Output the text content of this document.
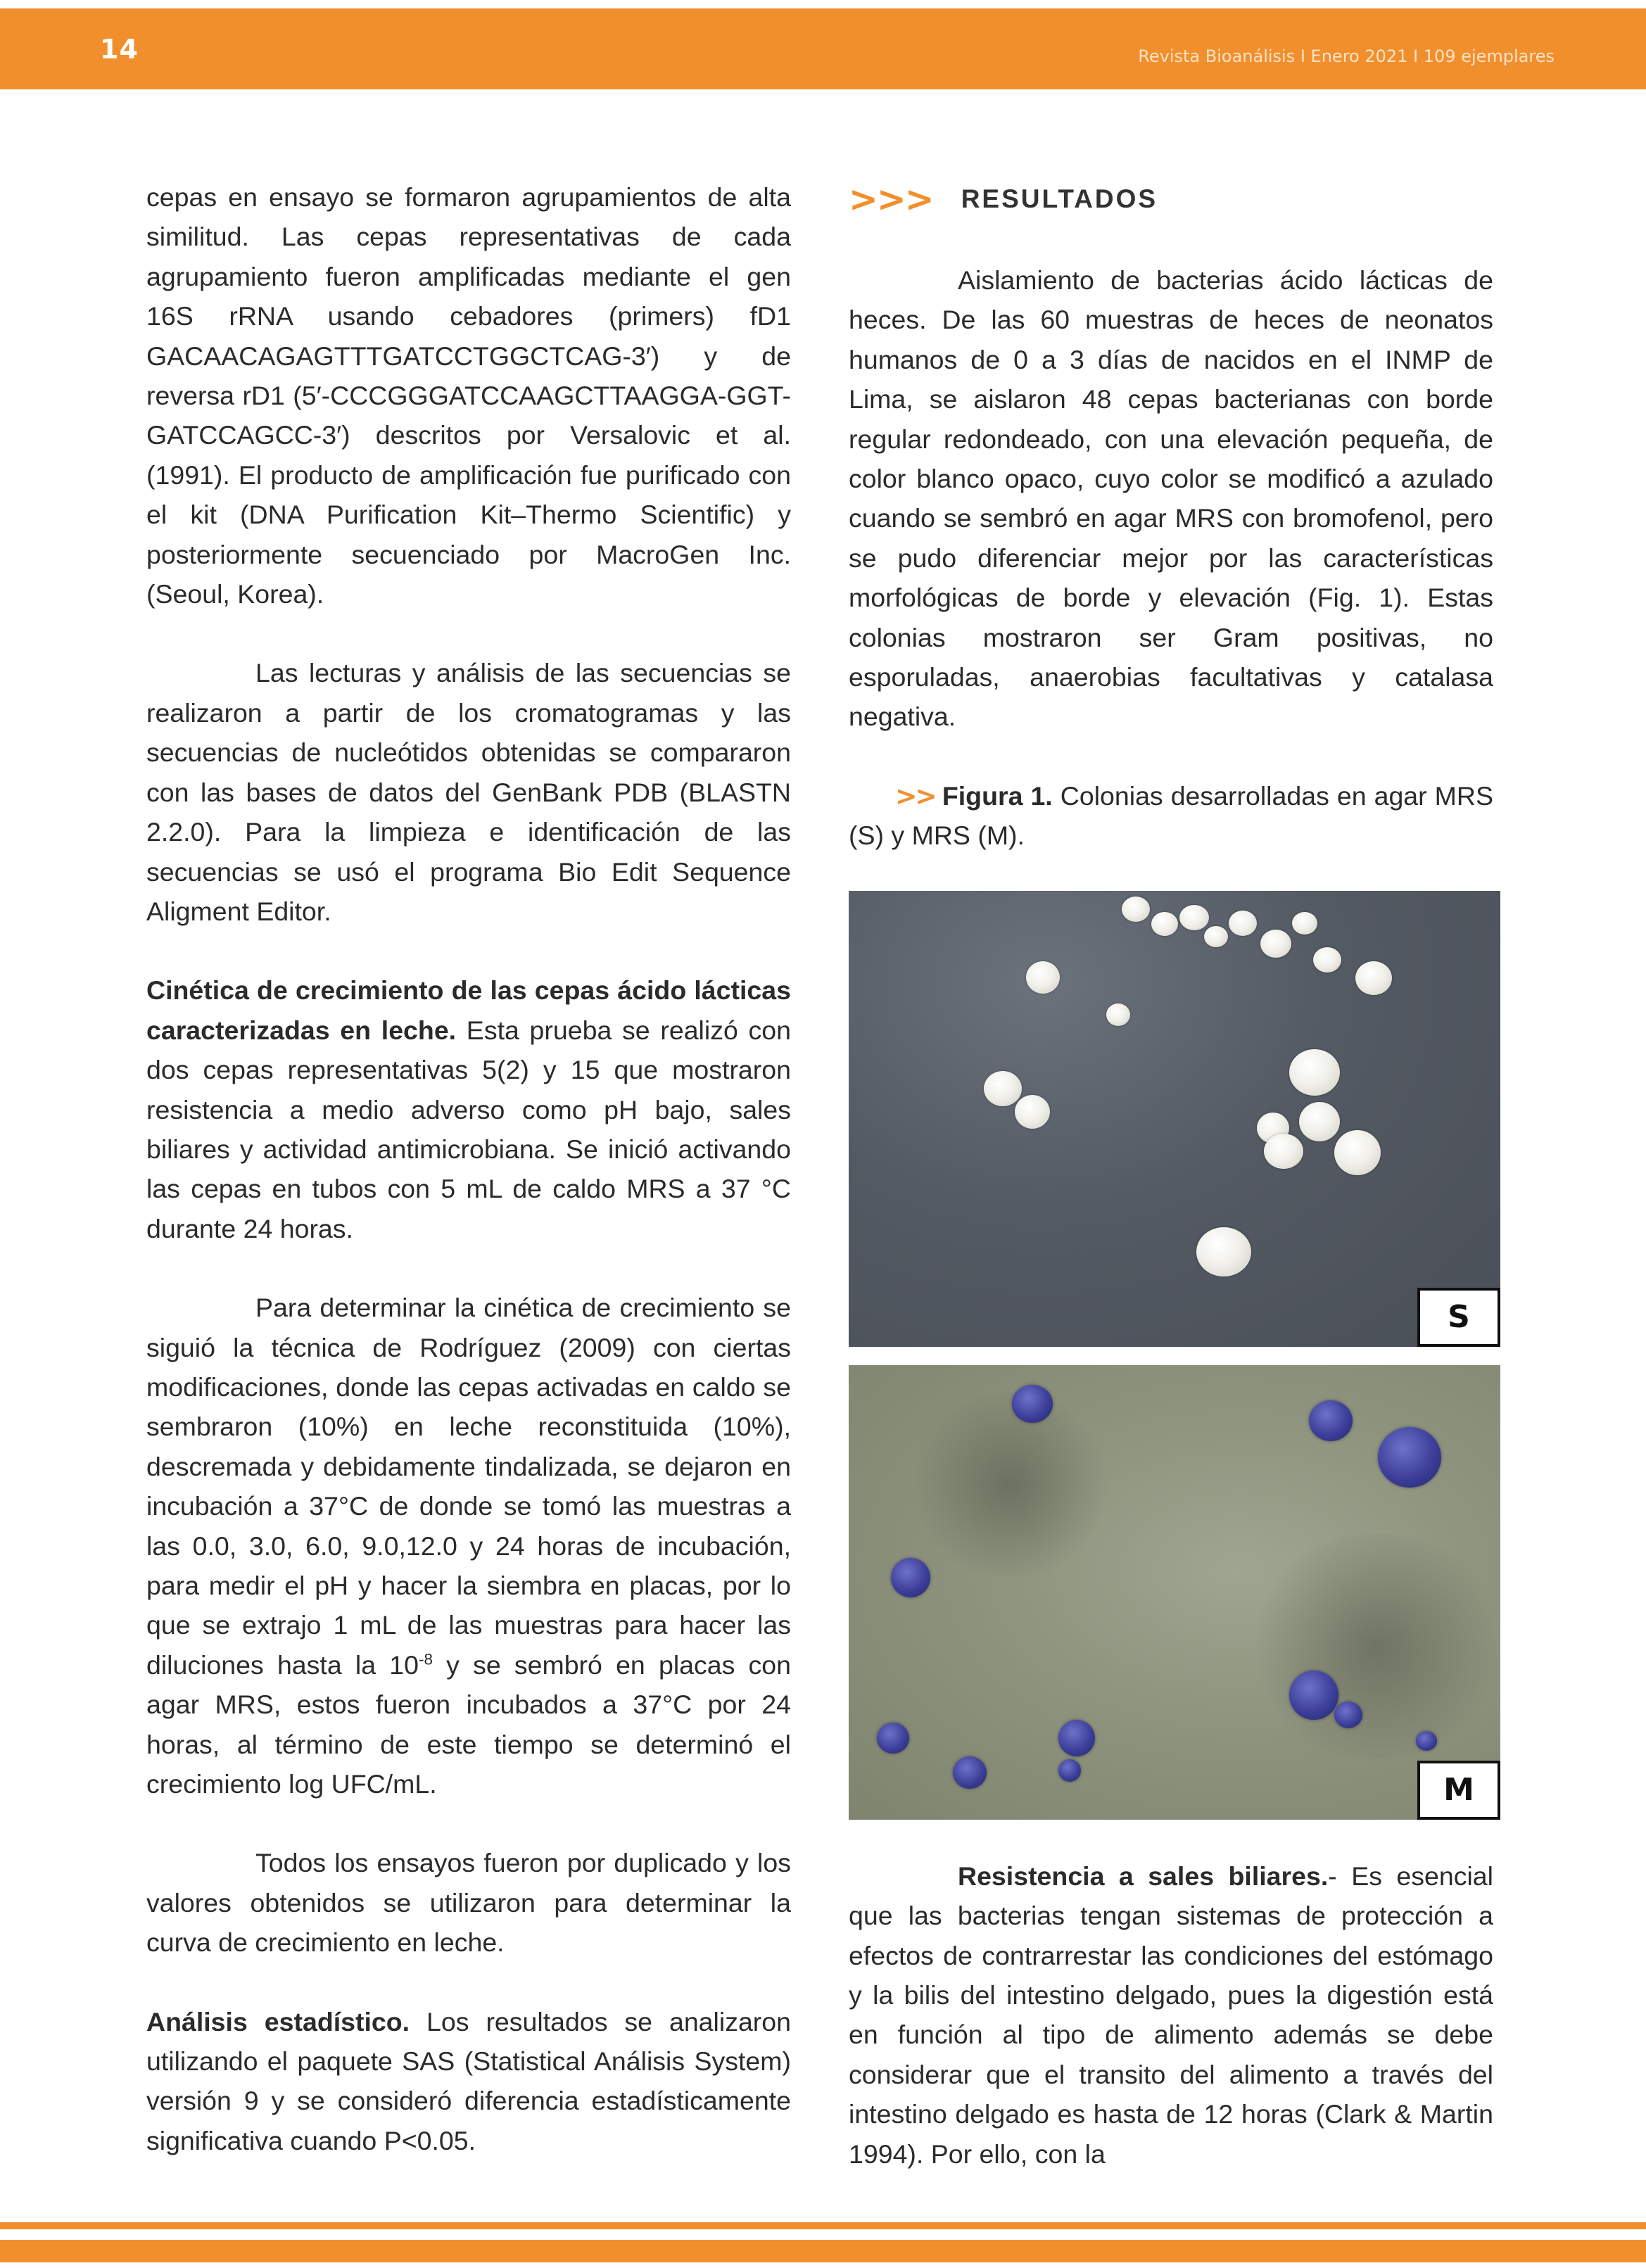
14	Revista Bioanálisis I Enero 2021 I 109 ejemplares

cepas en ensayo se formaron agrupamientos de alta similitud. Las cepas representativas de cada agrupamiento fueron amplificadas mediante el gen 16S rRNA usando cebadores (primers) fD1 GACAACAGAGTTTGATCCTGGCTCAG-3′) y de reversa rD1 (5′-CCCGGGATCCAAGCTTAAGGA-GGT-GATCCAGCC-3′) descritos por Versalovic et al. (1991). El producto de amplificación fue purificado con el kit (DNA Purification Kit–Thermo Scientific) y posteriormente secuenciado por MacroGen Inc. (Seoul, Korea).

Las lecturas y análisis de las secuencias se realizaron a partir de los cromatogramas y las secuencias de nucleótidos obtenidas se compararon con las bases de datos del GenBank PDB (BLASTN 2.2.0). Para la limpieza e identificación de las secuencias se usó el programa Bio Edit Sequence Aligment Editor.

Cinética de crecimiento de las cepas ácido lácticas caracterizadas en leche. Esta prueba se realizó con dos cepas representativas 5(2) y 15 que mostraron resistencia a medio adverso como pH bajo, sales biliares y actividad antimicrobiana. Se inició activando las cepas en tubos con 5 mL de caldo MRS a 37 °C durante 24 horas.

Para determinar la cinética de crecimiento se siguió la técnica de Rodríguez (2009) con ciertas modificaciones, donde las cepas activadas en caldo se sembraron (10%) en leche reconstituida (10%), descremada y debidamente tindalizada, se dejaron en incubación a 37°C de donde se tomó las muestras a las 0.0, 3.0, 6.0, 9.0,12.0 y 24 horas de incubación, para medir el pH y hacer la siembra en placas, por lo que se extrajo 1 mL de las muestras para hacer las diluciones hasta la $10^{-8}$ y se sembró en placas con agar MRS, estos fueron incubados a 37°C por 24 horas, al término de este tiempo se determinó el crecimiento log UFC/mL.

Todos los ensayos fueron por duplicado y los valores obtenidos se utilizaron para determinar la curva de crecimiento en leche.

Análisis estadístico. Los resultados se analizaron utilizando el paquete SAS (Statistical Análisis System) versión 9 y se consideró diferencia estadísticamente significativa cuando P<0.05.

>>> RESULTADOS

Aislamiento de bacterias ácido lácticas de heces. De las 60 muestras de heces de neonatos humanos de 0 a 3 días de nacidos en el INMP de Lima, se aislaron 48 cepas bacterianas con borde regular redondeado, con una elevación pequeña, de color blanco opaco, cuyo color se modificó a azulado cuando se sembró en agar MRS con bromofenol, pero se pudo diferenciar mejor por las características morfológicas de borde y elevación (Fig. 1). Estas colonias mostraron ser Gram positivas, no esporuladas, anaerobias facultativas y catalasa negativa.

>> Figura 1. Colonias desarrolladas en agar MRS (S) y MRS (M).

S
M

Resistencia a sales biliares.- Es esencial que las bacterias tengan sistemas de protección a efectos de contrarrestar las condiciones del estómago y la bilis del intestino delgado, pues la digestión está en función al tipo de alimento además se debe considerar que el transito del alimento a través del intestino delgado es hasta de 12 horas (Clark & Martin 1994). Por ello, con la
